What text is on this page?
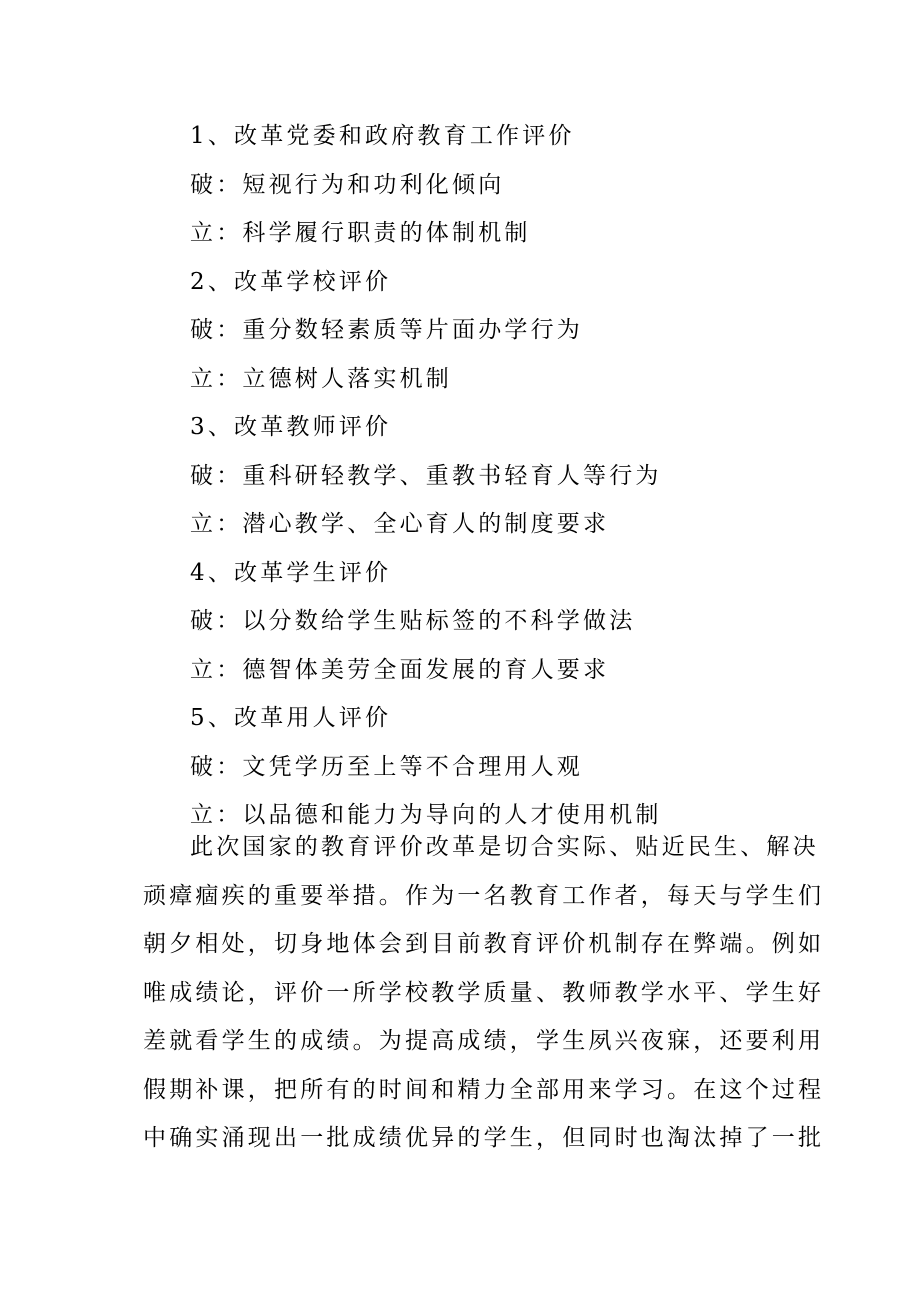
1、改革党委和政府教育工作评价
破：短视行为和功利化倾向
立：科学履行职责的体制机制
2、改革学校评价
破：重分数轻素质等片面办学行为
立：立德树人落实机制
3、改革教师评价
破：重科研轻教学、重教书轻育人等行为
立：潜心教学、全心育人的制度要求
4、改革学生评价
破：以分数给学生贴标签的不科学做法
立：德智体美劳全面发展的育人要求
5、改革用人评价
破：文凭学历至上等不合理用人观
立：以品德和能力为导向的人才使用机制
此次国家的教育评价改革是切合实际、贴近民生、解决
顽瘴痼疾的重要举措。作为一名教育工作者，每天与学生们
朝夕相处，切身地体会到目前教育评价机制存在弊端。例如
唯成绩论，评价一所学校教学质量、教师教学水平、学生好
差就看学生的成绩。为提高成绩，学生夙兴夜寐，还要利用
假期补课，把所有的时间和精力全部用来学习。在这个过程
中确实涌现出一批成绩优异的学生，但同时也淘汰掉了一批
